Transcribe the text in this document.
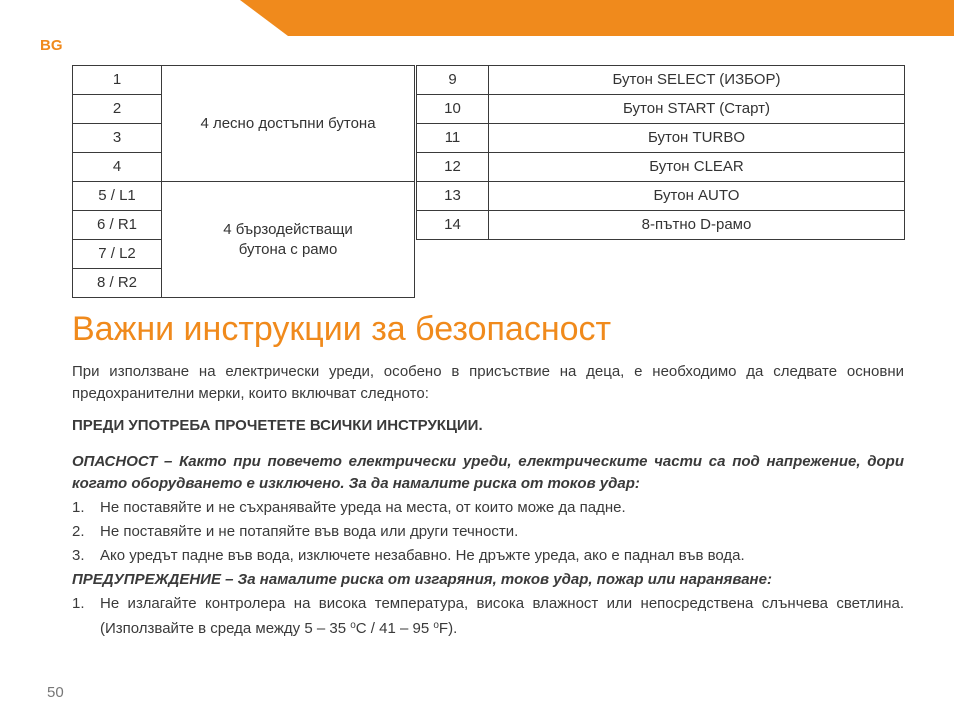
BG
1	4 лесно достъпни бутона
2	
3	
4	
5 / L1	4 бързодействащи
бутона с рамо
6 / R1	
7 / L2	
8 / R2	
9	Бутон SELECT (ИЗБОР)
10	Бутон START (Старт)
11	Бутон TURBO
12	Бутон CLEAR
13	Бутон AUTO
14	8-пътно D-рамо
Важни инструкции за безопасност

При използване на електрически уреди, особено в присъствие на деца, е необходимо да следвате основни предохранителни мерки, които включват следното:

ПРЕДИ УПОТРЕБА ПРОЧЕТЕТЕ ВСИЧКИ ИНСТРУКЦИИ.

ОПАСНОСТ – Както при повечето електрически уреди, електрическите части са под напрежение, дори когато оборудването е изключено. За да намалите риска от токов удар:

1. Не поставяйте и не съхранявайте уреда на места, от които може да падне.
2. Не поставяйте и не потапяйте във вода или други течности.
3. Ако уредът падне във вода, изключете незабавно. Не дръжте уреда, ако е паднал във вода.

ПРЕДУПРЕЖДЕНИЕ – За намалите риска от изгаряния, токов удар, пожар или нараняване:

1. Не излагайте контролера на висока температура, висока влажност или непосредствена слънчева светлина. (Използвайте в среда между 5 – 35 $^o$C / 41 – 95 $^o$F).
50
